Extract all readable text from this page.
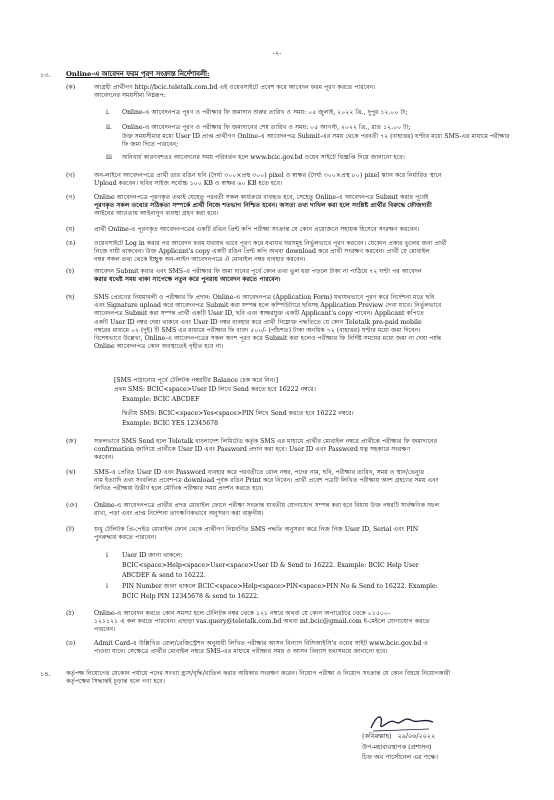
-২-
১৩. Online-এ আবেদন ফরম পূরণ সংক্রান্ত নির্দেশাবলী:
(ক)	আগ্রহী প্রার্থীগণ http://bcic.teletalk.com.bd এই ওয়েবসাইটে প্রবেশ করে আবেদন ফরম পূরণ করতে পারবেন।
আবেদনের সময়সীমা নিম্নরূপ:
i. Online-এ আবেদনপত্র পূরণ ও পরীক্ষার ফি জমাদান শুরুর তারিখ ও সময়: ০৫ জুলাই, ২০২২ খ্রি., দুপুর ১২.০০ টা;
ii. Online-এ আবেদনপত্র পূরণ ও পরীক্ষার ফি জমাদানের শেষ তারিখ ও সময়: ০৫ আগস্ট, ২০২২ খ্রি., রাত ১২.০০ টা;
উক্ত সময়সীমার মধ্যে User ID প্রাপ্ত প্রার্থীগণ Online-এ আবেদনপত্র Submit-এর সময় থেকে পরবর্তী ৭২ (বাহাত্তর) ঘণ্টার মধ্যে SMS-এর মাধ্যমে পরীক্ষার ফি জমা দিতে পারবেন;
iii অনিবার্য কারণবশতঃ আবেদনের সময় পরিবর্তন হলে www.bcic.gov.bd ওয়েব সাইটে বিজ্ঞপ্তি দিয়ে জানানো হবে।
(খ)	অন-লাইনে আবেদনপত্রে প্রার্থী তার রঙিন ছবি (দৈর্ঘ্য ৩০০×প্রস্থ ৩০০) pixel ও স্বাক্ষর (দৈর্ঘ্য ৩০০×প্রস্থ ৮০) pixel স্ক্যান করে নির্ধারিত স্থানে
Upload করবেন। ছবির সাইজ সর্বোচ্চ ১০০ KB ও স্বাক্ষর ৬০ KB হতে হবে।
(গ)	Online আবেদনপত্রে পূরণকৃত তথ্যই যেহেতু পরবর্তী সকল কার্যক্রমে ব্যবহৃত হবে, সেহেতু Online-এ আবেদনপত্র Submit করার পূর্বেই
পূরণকৃত সকল তথ্যের সঠিকতা সম্পর্কে প্রার্থী নিজে শতভাগ নিশ্চিত হবেন। অসত্য তথ্য দাখিল করা হলে সংশ্লিষ্ট প্রার্থীর বিরুদ্ধে ফৌজদারী
আইনের আওতায় আইনানুগ ব্যবস্থা গ্রহণ করা হবে।
(ঘ)	প্রার্থী Online-এ পূরণকৃত আবেদনপত্রের একটি রঙিন প্রিন্ট কপি পরীক্ষা সংক্রান্ত যে কোন প্রয়োজনে সহায়ক হিসেবে সংরক্ষণ করবেন।
(ঙ)	ওয়েবসাইটে Log in করার পর আবেদন ফরম যথাযথ ভাবে পূরণ করে যথাযথ ঘরসমূহ নির্ভুলভাবে পূরণ করবেন। যেকোন প্রকার ভুলের জন্য প্রার্থী
নিজে দায়ী থাকবেন। উক্ত Applicant's copy একটি রঙিন প্রিন্ট কপি অথবা download করে প্রার্থী সংরক্ষণ করবেন। প্রার্থী যে মোবাইল
নম্বর সকল তথ্য থেকে ইচ্ছুক অন-লাইন আবেদনপত্রে ঐ মোবাইল নম্বর ব্যবহার করবেন।
(চ)	আবেদন Submit করার এবং SMS-এ পরীক্ষার ফি জমা দানের পূর্বে কোন তথ্য ভুল ধরা পড়লে টাকা না পাঠিয়ে ৭২ ঘণ্টা পর আবেদন
করার যথেষ্ট সময় থাকা সাপেক্ষে নতুন করে পুনরায় আবেদন করতে পারবেন।
(ছ)	SMS প্রেরণের নিয়মাবলী ও পরীক্ষার ফি প্রদান: Online-এ আবেদনপত্র (Application Form) যথাযথভাবে পূরণ করে নির্দেশনা মতে ছবি
এবং Signature upload করে আবেদনপত্র Submit করা সম্পন্ন হলে কম্পিউটারে ছবিসহ Application Preview দেখা যাবে। নির্ভুলভাবে
আবেদনপত্র Submit করা সম্পন্ন প্রার্থী একটি User ID, ছবি এবং স্বাক্ষরযুক্ত একটি Applicant's copy পাবেন। Applicant কপিতে
একটি User ID নম্বর দেয়া থাকবে এবং User ID নম্বর ব্যবহার করে প্রার্থী নিম্নোক্ত পদ্ধতিতে যে কোন Teletalk pre-paid mobile
নম্বরের মাধ্যমে ০২ (দুই) টি SMS এর মাধ্যমে পরীক্ষার ফি বাবদ ৫০০/- (পাঁচশত) টাকা অনধিক ৭২ (বাহাত্তর) ঘণ্টার মধ্যে জমা দিবেন।
বিশেষভাবে উল্লেখ্য, Online-এ আবেদনপত্রের সকল অংশ পূরণ করে Submit করা হলেও পরীক্ষার ফি নির্দিষ্ট সময়ের মধ্যে জমা না দেয়া পর্যন্ত
Online আবেদনপত্র কোন অবস্থাতেই গৃহীত হবে না।
[SMS পাঠানোর পূর্বে টেলিটক নম্বরটির Balance চেক করে নিন।]
প্রথম SMS: BCIC<space>User ID লিখে Send করতে হবে 16222 নম্বরে।
Example: BCIC ABCDEF
দ্বিতীয় SMS: BCIC<space>Yes<space>PIN লিখে Send করতে হবে 16222 নম্বরে।
Example: BCIC YES 12345678
(জ)	সফলভাবে SMS Send হলে Teletalk বাংলাদেশ লিমিটেড কর্তৃক SMS এর মাধ্যমে প্রার্থীর মোবাইল নম্বরে প্রার্থীকে পরীক্ষার ফি জমাদানের
confirmation জানিয়ে প্রার্থীকে User ID এবং Password প্রদান করা হবে। User ID এবং Password যত্ন সহকারে সংরক্ষণ
করবেন।
(ঝ)	SMS-এ প্রেরিত User ID এবং Password ব্যবহার করে পরবর্তীতে রোল নম্বর, পদের নাম, ছবি, পরীক্ষার তারিখ, সময় ও স্থান/ভেন্যুর
নাম ইত্যাদি তথ্য সংবলিত প্রবেশপত্র download পূর্বক রঙিন Print করে নিবেন। প্রার্থী প্রবেশ পত্রটি লিখিত পরীক্ষায় অংশ গ্রহণের সময় এবং
লিখিত পরীক্ষায় উত্তীর্ণ হলে মৌখিক পরীক্ষার সময় প্রদর্শন করতে হবে।
(ঞ)	Online-এ আবেদনপত্রে প্রার্থীর প্রদত্ত মোবাইল ফোনে পরীক্ষা সংক্রান্ত যাবতীয় যোগাযোগ সম্পন্ন করা হবে বিধায় উক্ত নম্বরটি সার্বক্ষণিক সচল
রাখা, পড়া এবং প্রাপ্ত নির্দেশনা তাৎক্ষণিকভাবে অনুসরণ করা বাঞ্ছনীয়।
(ট)	শুধু টেলিটক প্রি-পেইড মোবাইল ফোন থেকে প্রার্থীগণ নিম্নবর্ণিত SMS পদ্ধতি অনুসরণ করে নিজ নিজ User ID, Serial এবং PIN
পুনরুদ্ধার করতে পারবেন।
i User ID জানা থাকলে:
BCIC<space>Help<space>User<space>User ID & Send to 16222. Example: BCIC Help User
ABCDEF & send to 16222.
i PIN Number জানা থাকলে BCIC<space>Help<space>PIN<space>PIN No & Send to 16222. Example:
BCIC Help PIN 12345678 & send to 16222.
(ঠ)	Online-এ আবেদন করতে কোন সমস্যা হলে টেলিটক নম্বর থেকে ১২১ নম্বরে অথবা যে কোন অপারেটরে থেকে ০১৫০০-
১২১১২১ এ কল করতে পারবেন। এছাড়া vas.query@teletalk.com.bd অথবা mt.bcic@gmail.com ই-মেইলে যোগাযোগ করতে
পারবেন।
(ড)	Admit Card-এ উল্লিখিত রোল/রেজিস্ট্রেশন অনুযায়ী লিখিত পরীক্ষার আসন বিন্যাস বিসিআইসি'র ওয়েব সাইট www.bcic.gov.bd এ
পাওয়া যাবে। সেক্ষেত্রে প্রার্থীর মোবাইল নম্বরে SMS-এর মাধ্যমে পরীক্ষার সময় ও আসন বিন্যাস যথাসময়ে জানানো হবে।
১৪. কর্তৃপক্ষ নিয়োগের যেকোন পর্যায়ে পদের সংখ্যা হ্রাস/বৃদ্ধি/বাতিল করার অধিকার সংরক্ষণ করেন। নিয়োগ পরীক্ষা ও নিয়োগ সংক্রান্ত যে কোন বিষয়ে নিয়োগকারী
কর্তৃপক্ষের সিদ্ধান্তই চূড়ান্ত বলে গণ্য হবে।
(কবিরুল্লাহ) ২৯/০৬/২০২২
উপ-মহাব্যবস্থাপক (প্রশাসন)
চিফ অব পার্সোনেল এর পক্ষে।
